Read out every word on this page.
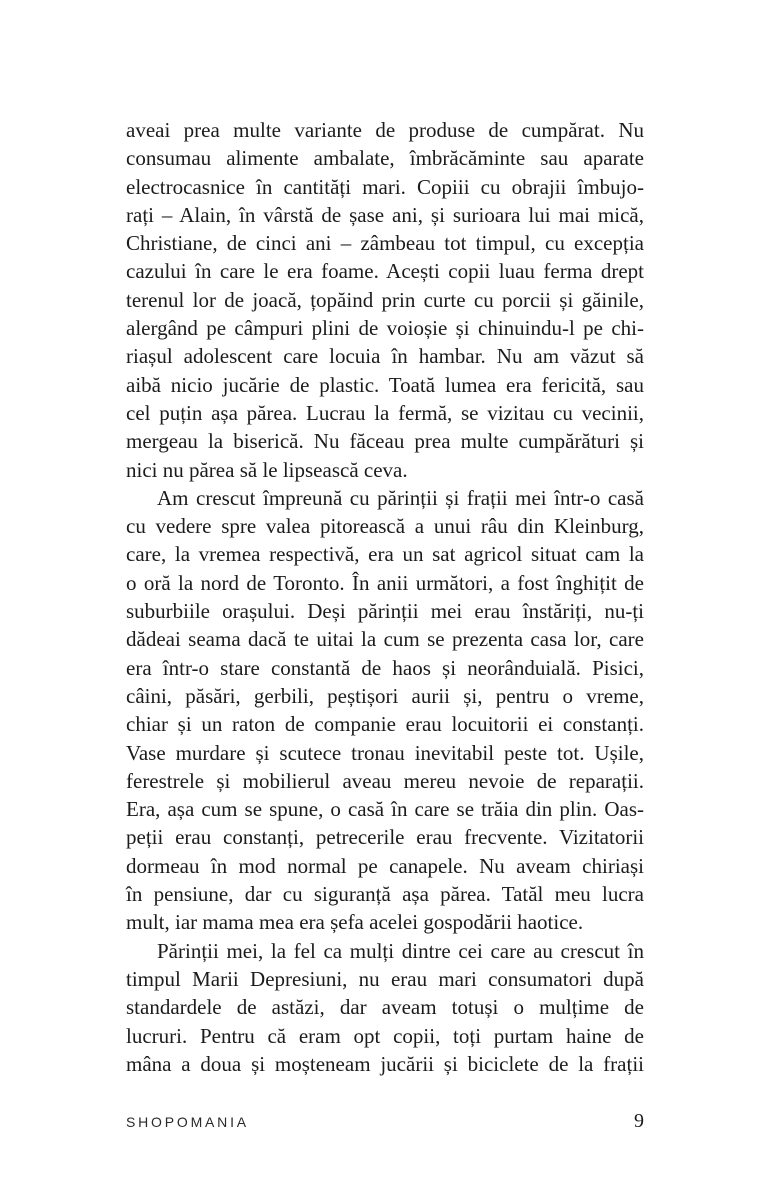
aveai prea multe variante de produse de cumpărat. Nu
consumau alimente ambalate, îmbrăcăminte sau aparate
electrocasnice în cantități mari. Copiii cu obrajii îmbujo-
rați – Alain, în vârstă de șase ani, și surioara lui mai mică,
Christiane, de cinci ani – zâmbeau tot timpul, cu excepția
cazului în care le era foame. Acești copii luau ferma drept
terenul lor de joacă, țopăind prin curte cu porcii și găinile,
alergând pe câmpuri plini de voioșie și chinuindu-l pe chi-
riașul adolescent care locuia în hambar. Nu am văzut să
aibă nicio jucărie de plastic. Toată lumea era fericită, sau
cel puțin așa părea. Lucrau la fermă, se vizitau cu vecinii,
mergeau la biserică. Nu făceau prea multe cumpărături și
nici nu părea să le lipsească ceva.
Am crescut împreună cu părinții și frații mei într-o casă
cu vedere spre valea pitorească a unui râu din Kleinburg,
care, la vremea respectivă, era un sat agricol situat cam la
o oră la nord de Toronto. În anii următori, a fost înghițit de
suburbiile orașului. Deși părinții mei erau înstăriți, nu-ți
dădeai seama dacă te uitai la cum se prezenta casa lor, care
era într-o stare constantă de haos și neorânduială. Pisici,
câini, păsări, gerbili, peștișori aurii și, pentru o vreme,
chiar și un raton de companie erau locuitorii ei constanți.
Vase murdare și scutece tronau inevitabil peste tot. Ușile,
ferestrele și mobilierul aveau mereu nevoie de reparații.
Era, așa cum se spune, o casă în care se trăia din plin. Oas-
peții erau constanți, petrecerile erau frecvente. Vizitatorii
dormeau în mod normal pe canapele. Nu aveam chiriași
în pensiune, dar cu siguranță așa părea. Tatăl meu lucra
mult, iar mama mea era șefa acelei gospodării haotice.
Părinții mei, la fel ca mulți dintre cei care au crescut în
timpul Marii Depresiuni, nu erau mari consumatori după
standardele de astăzi, dar aveam totuși o mulțime de
lucruri. Pentru că eram opt copii, toți purtam haine de
mâna a doua și moșteneam jucării și biciclete de la frații
SHOPOMANIA	9
